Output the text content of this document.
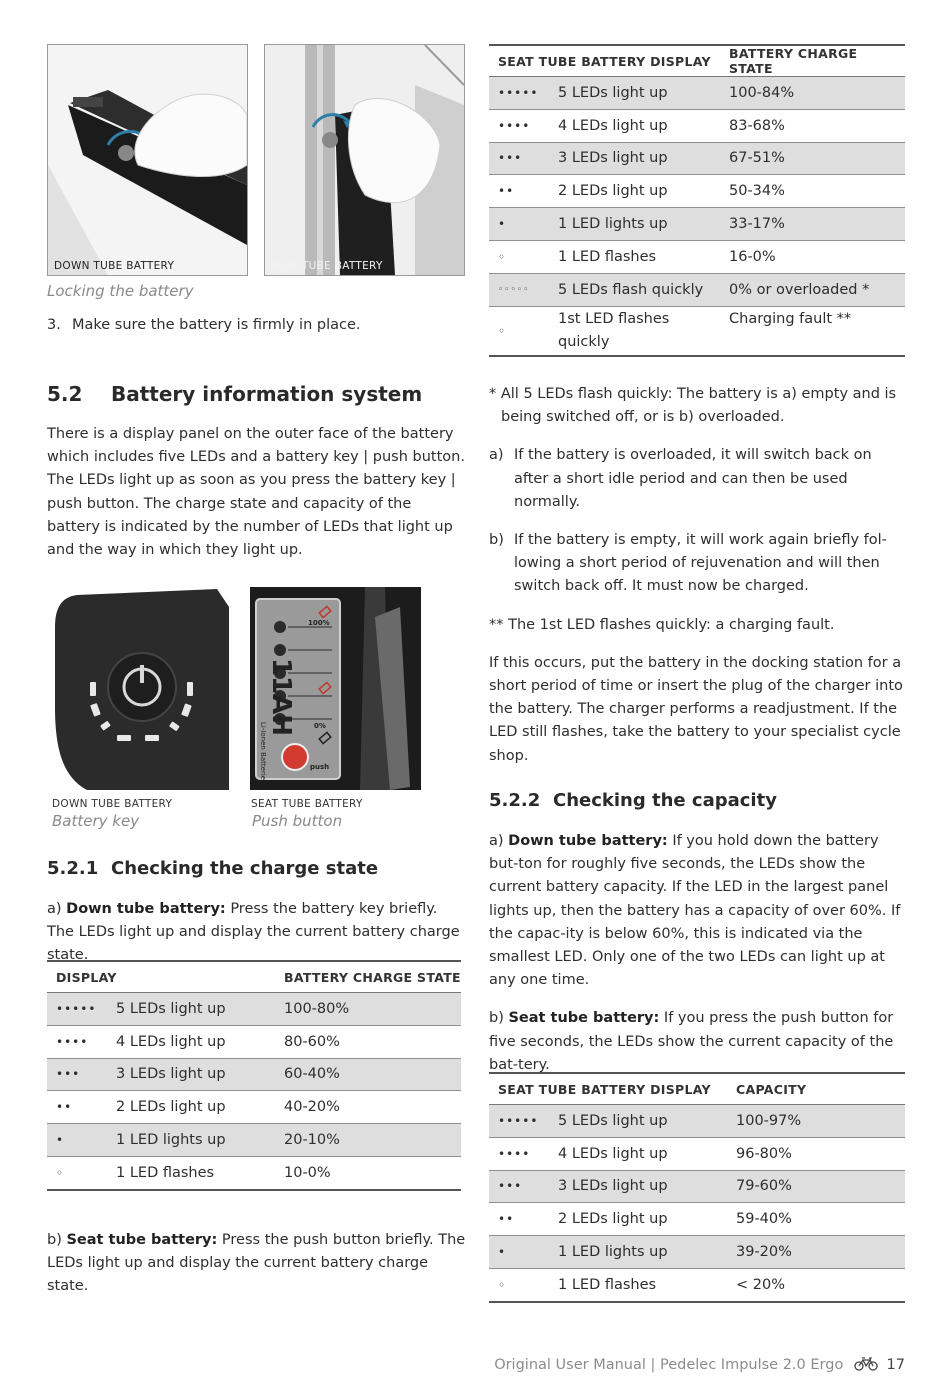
DOWN TUBE BATTERY	SEAT TUBE BATTERY
Locking the battery
3. Make sure the battery is firmly in place.
5.2 Battery information system

There is a display panel on the outer face of the battery which includes five LEDs and a battery key | push button. The LEDs light up as soon as you press the battery key | push button. The charge state and capacity of the battery is indicated by the number of LEDs that light up and the way in which they light up.

100%
0%
11AH
Li-Ionen Batterie	push
DOWN TUBE BATTERY
Battery key
SEAT TUBE BATTERY
Push button
5.2.1 Checking the charge state

a) Down tube battery: Press the battery key briefly. The LEDs light up and display the current battery charge state.

DISPLAY		BATTERY CHARGE STATE
•••••	5 LEDs light up	100-80%
••••	4 LEDs light up	80-60%
•••	3 LEDs light up	60-40%
••	2 LEDs light up	40-20%
•	1 LED lights up	20-10%
◦	1 LED flashes	10-0%

b) Seat tube battery: Press the push button briefly. The LEDs light up and display the current battery charge state.

SEAT TUBE BATTERY DISPLAY		BATTERY CHARGE STATE
•••••	5 LEDs light up	100-84%
••••	4 LEDs light up	83-68%
•••	3 LEDs light up	67-51%
••	2 LEDs light up	50-34%
•	1 LED lights up	33-17%
◦	1 LED flashes	16-0%
◦◦◦◦◦	5 LEDs flash quickly	0% or overloaded *
◦	1st LED flashes quickly	Charging fault **

* All 5 LEDs flash quickly: The battery is a) empty and is being switched off, or is b) overloaded.

a) If the battery is overloaded, it will switch back on after a short idle period and can then be used normally.

b) If the battery is empty, it will work again briefly fol-lowing a short period of rejuvenation and will then switch back off. It must now be charged.

** The 1st LED flashes quickly: a charging fault.

If this occurs, put the battery in the docking station for a short period of time or insert the plug of the charger into the battery. The charger performs a readjustment. If the LED still flashes, take the battery to your specialist cycle shop.

5.2.2 Checking the capacity

a) Down tube battery: If you hold down the battery but-ton for roughly five seconds, the LEDs show the current battery capacity. If the LED in the largest panel lights up, then the battery has a capacity of over 60%. If the capac-ity is below 60%, this is indicated via the smallest LED. Only one of the two LEDs can light up at any one time.

b) Seat tube battery: If you press the push button for five seconds, the LEDs show the current capacity of the bat-tery.

SEAT TUBE BATTERY DISPLAY		CAPACITY
•••••	5 LEDs light up	100-97%
••••	4 LEDs light up	96-80%
•••	3 LEDs light up	79-60%
••	2 LEDs light up	59-40%
•	1 LED lights up	39-20%
◦	1 LED flashes	< 20%
Original User Manual | Pedelec Impulse 2.0 Ergo	17
